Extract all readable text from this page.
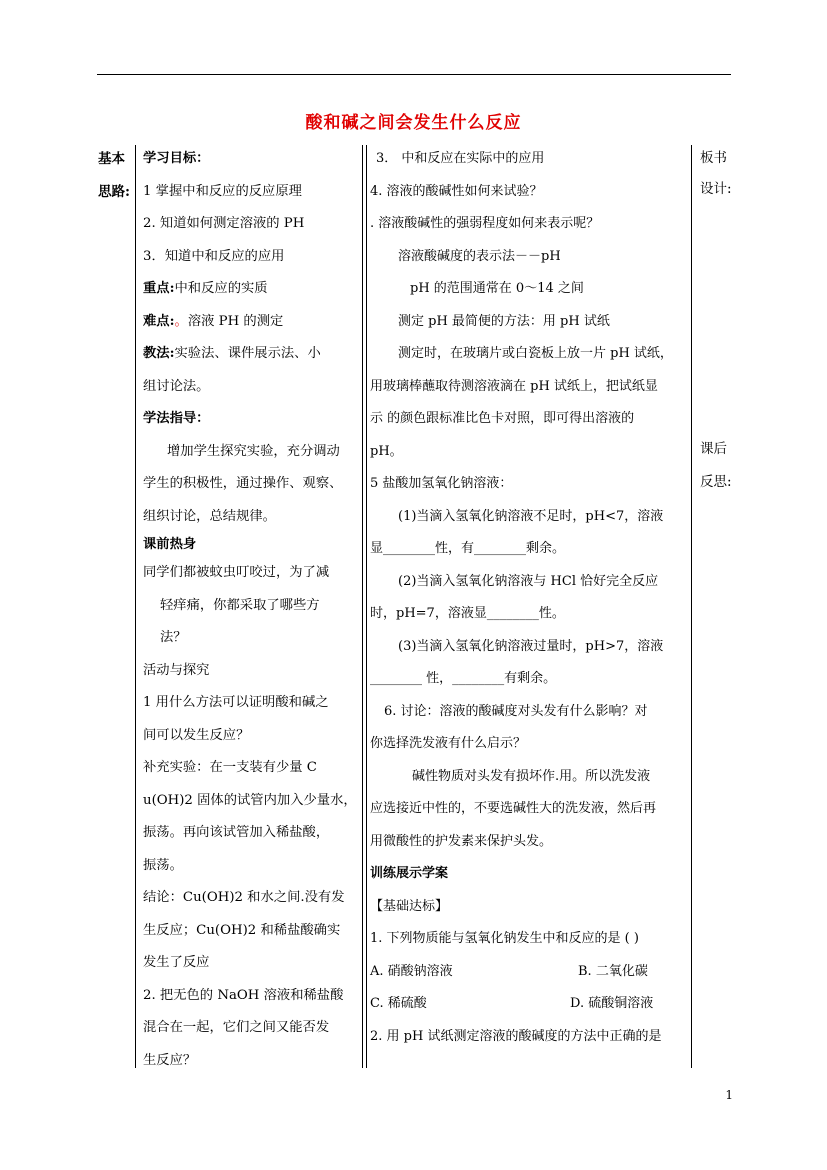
酸和碱之间会发生什么反应

基本

思路:

学习目标：

1 掌握中和反应的反应原理

2. 知道如何测定溶液的 PH

3．知道中和反应的应用

重点:中和反应的实质

难点:。溶液 PH 的测定

教法:实验法、课件展示法、小

组讨论法。

学法指导：

增加学生探究实验，充分调动

学生的积极性，通过操作、观察、

组织讨论，总结规律。

课前热身

同学们都被蚊虫叮咬过，为了减

轻痒痛，你都采取了哪些方

法？

活动与探究

1 用什么方法可以证明酸和碱之

间可以发生反应？

补充实验：在一支装有少量 C

u(OH)2 固体的试管内加入少量水，

振荡。再向该试管加入稀盐酸，

振荡。

结论：Cu(OH)2 和水之间.没有发

生反应；Cu(OH)2 和稀盐酸确实

发生了反应

2. 把无色的 NaOH 溶液和稀盐酸

混合在一起，它们之间又能否发

生反应？

3． 中和反应在实际中的应用

4. 溶液的酸碱性如何来试验？

. 溶液酸碱性的强弱程度如何来表示呢？

溶液酸碱度的表示法－－pH

pH 的范围通常在 0～14 之间

测定 pH 最简便的方法：用 pH 试纸

测定时，在玻璃片或白瓷板上放一片 pH 试纸，

用玻璃棒蘸取待测溶液滴在 pH 试纸上，把试纸显

示 的颜色跟标准比色卡对照，即可得出溶液的

pH。

5 盐酸加氢氧化钠溶液：

(1)当滴入氢氧化钠溶液不足时，pH<7，溶液

显________性，有________剩余。

(2)当滴入氢氧化钠溶液与 HCl 恰好完全反应

时，pH=7，溶液显________性。

(3)当滴入氢氧化钠溶液过量时，pH>7，溶液

________ 性，________有剩余。

6. 讨论：溶液的酸碱度对头发有什么影响？对

你选择洗发液有什么启示？

碱性物质对头发有损坏作.用。所以洗发液

应选接近中性的，不要选碱性大的洗发液，然后再

用微酸性的护发素来保护头发。

训练展示学案

【基础达标】

1. 下列物质能与氢氧化钠发生中和反应的是 ( )

A. 硝酸钠溶液	B. 二氧化碳

C. 稀硫酸	D. 硫酸铜溶液

2. 用 pH 试纸测定溶液的酸碱度的方法中正确的是

板书

设计:

课后

反思:

1
